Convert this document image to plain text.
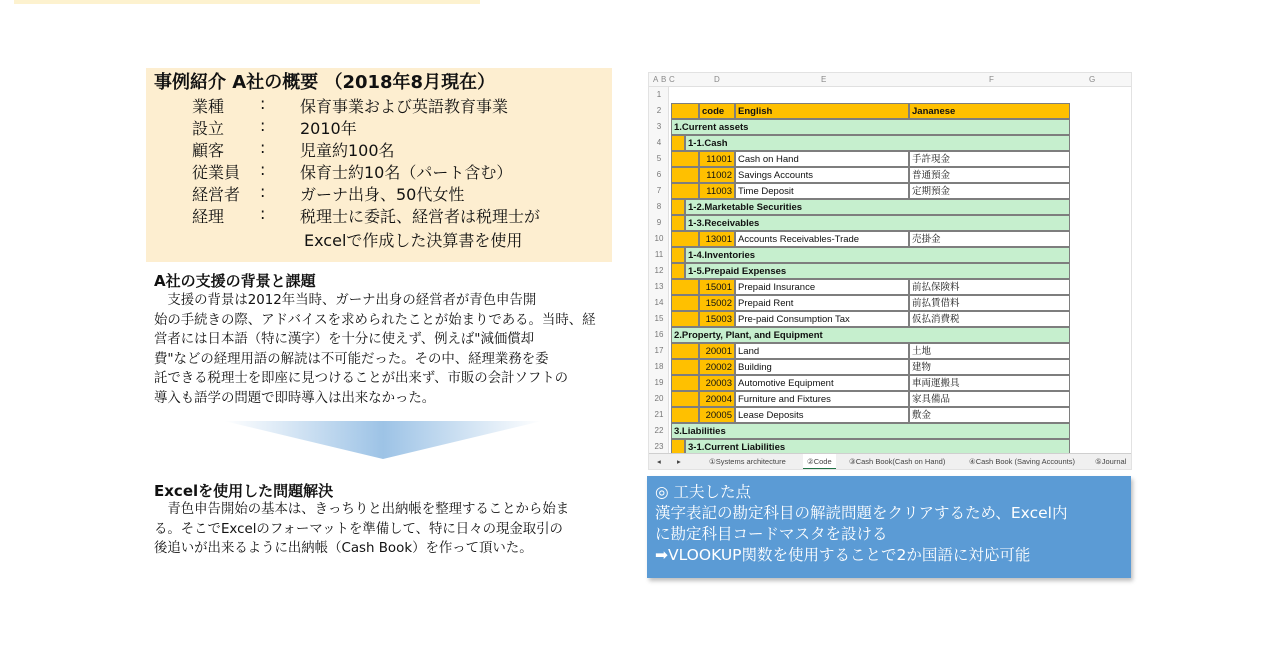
事例紹介 A社の概要 （2018年8月現在）
業種 : 保育事業および英語教育事業
設立 : 2010年
顧客 : 児童約100名
従業員 : 保育士約10名（パート含む）
経営者 : ガーナ出身、50代女性
経理 : 税理士に委託、経営者は税理士が
Excelで作成した決算書を使用
A社の支援の背景と課題
　支援の背景は2012年当時、ガーナ出身の経営者が青色申告開
始の手続きの際、アドバイスを求められたことが始まりである。当時、経
営者には日本語（特に漢字）を十分に使えず、例えば"減価償却
費"などの経理用語の解読は不可能だった。その中、経理業務を委
託できる税理士を即座に見つけることが出来ず、市販の会計ソフトの
導入も語学の問題で即時導入は出来なかった。
Excelを使用した問題解決
　青色申告開始の基本は、きっちりと出納帳を整理することから始ま
る。そこでExcelのフォーマットを準備して、特に日々の現金取引の
後追いが出来るように出納帳（Cash Book）を作って頂いた。
A B C	D	E	F	G
1
2	code	English	Jananese
3	1.Current assets
4	1-1.Cash
5	11001 Cash on Hand	手許現金
6	11002 Savings Accounts	普通預金
7	11003 Time Deposit	定期預金
8	1-2.Marketable Securities
9	1-3.Receivables
10	13001 Accounts Receivables-Trade	売掛金
11	1-4.Inventories
12	1-5.Prepaid Expenses
13	15001 Prepaid Insurance	前払保険料
14	15002 Prepaid Rent	前払賃借料
15	15003 Pre-paid Consumption Tax	仮払消費税
16	2.Property, Plant, and Equipment
17	20001 Land	土地
18	20002 Building	建物
19	20003 Automotive Equipment	車両運搬具
20	20004 Furniture and Fixtures	家具備品
21	20005 Lease Deposits	敷金
22	3.Liabilities
23	3-1.Current Liabilities
◂ ▸	①Systems architecture	②Code	③Cash Book(Cash on Hand)	④Cash Book (Saving Accounts)	⑤Journal
◎ 工夫した点
漢字表記の勘定科目の解読問題をクリアするため、Excel内
に勘定科目コードマスタを設ける
➡VLOOKUP関数を使用することで2か国語に対応可能
